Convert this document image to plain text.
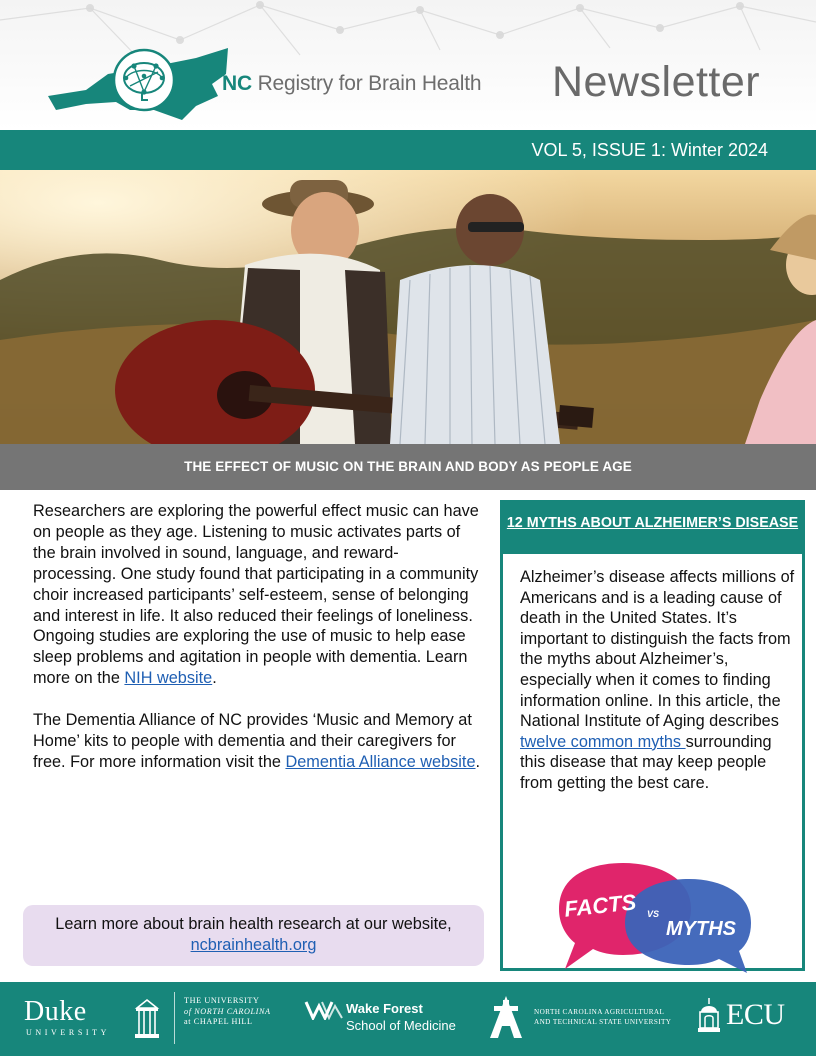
NC Registry for Brain Health Newsletter
VOL 5, ISSUE 1: Winter 2024
THE EFFECT OF MUSIC ON THE BRAIN AND BODY AS PEOPLE AGE

Researchers are exploring the powerful effect music can have on people as they age. Listening to music activates parts of the brain involved in sound, language, and reward-processing. One study found that participating in a community choir increased participants’ self-esteem, sense of belonging and interest in life. It also reduced their feelings of loneliness. Ongoing studies are exploring the use of music to help ease sleep problems and agitation in people with dementia. Learn more on the NIH website.

The Dementia Alliance of NC provides ‘Music and Memory at Home’ kits to people with dementia and their caregivers for free. For more information visit the Dementia Alliance website.

Learn more about brain health research at our website, ncbrainhealth.org
12 MYTHS ABOUT ALZHEIMER’S DISEASE
Alzheimer’s disease affects millions of Americans and is a leading cause of death in the United States. It’s important to distinguish the facts from the myths about Alzheimer’s, especially when it comes to finding information online. In this article, the National Institute of Aging describes twelve common myths surrounding this disease that may keep people from getting the best care.
FACTS VS
MYTHS
Duke
UNIVERSITY
THE UNIVERSITY
of NORTH CAROLINA
at CHAPEL HILL
Wake Forest
School of Medicine
NORTH CAROLINA AGRICULTURAL
AND TECHNICAL STATE UNIVERSITY ECU
